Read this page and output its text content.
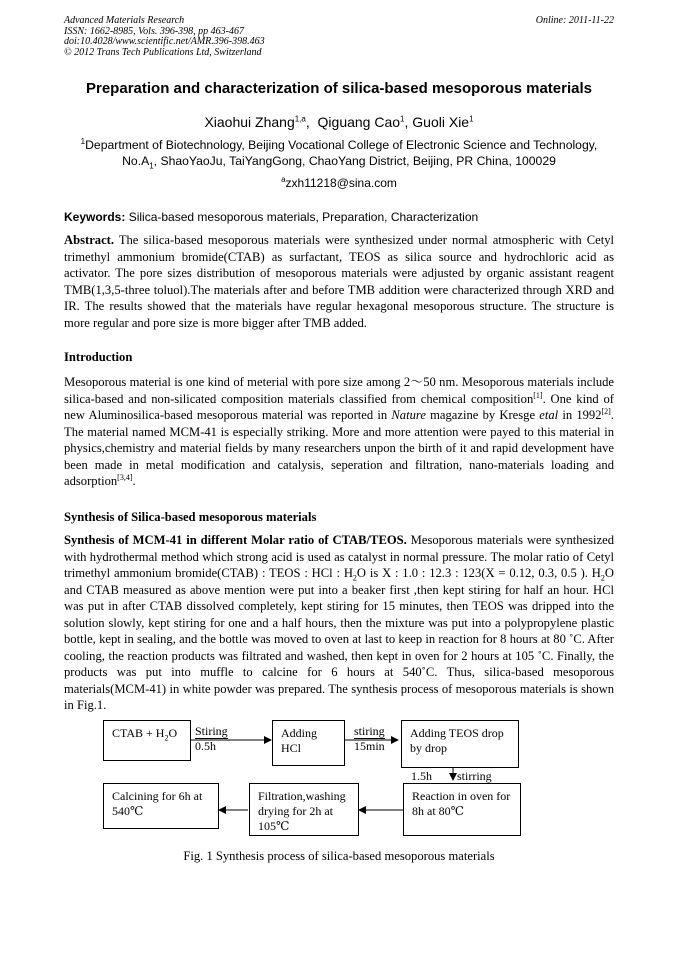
Advanced Materials Research
ISSN: 1662-8985, Vols. 396-398, pp 463-467
doi:10.4028/www.scientific.net/AMR.396-398.463
© 2012 Trans Tech Publications Ltd, Switzerland
Online: 2011-11-22
Preparation and characterization of silica-based mesoporous materials
Xiaohui Zhang$^{1,a}$,  Qiguang Cao$^1$, Guoli Xie$^1$
$^1$Department of Biotechnology, Beijing Vocational College of Electronic Science and Technology,
$No.A_1$, ShaoYaoJu, TaiYangGong, ChaoYang District, Beijing, PR China, 100029
$^a$zxh11218@sina.com
Keywords: Silica-based mesoporous materials, Preparation, Characterization
Abstract. The silica-based mesoporous materials were synthesized under normal atmospheric with Cetyl trimethyl ammonium bromide(CTAB) as surfactant, TEOS as silica source and hydrochloric acid as activator. The pore sizes distribution of mesoporous materials were adjusted by organic assistant reagent TMB(1,3,5-three toluol).The materials after and before TMB addition were characterized through XRD and IR. The results showed that the materials have regular hexagonal mesoporous structure. The structure is more regular and pore size is more bigger after TMB added.
Introduction
Mesoporous material is one kind of meterial with pore size among 2～50 nm. Mesoporous materials include silica-based and non-silicated composition materials classified from chemical composition[1]. One kind of new Aluminosilica-based mesoporous material was reported in Nature magazine by Kresge etal in 1992[2]. The material named MCM-41 is especially striking. More and more attention were payed to this material in physics,chemistry and material fields by many researchers unpon the birth of it and rapid development have been made in metal modification and catalysis, seperation and filtration, nano-materials loading and adsorption[3,4].
Synthesis of Silica-based mesoporous materials
Synthesis of MCM-41 in different Molar ratio of CTAB/TEOS. Mesoporous materials were synthesized with hydrothermal method which strong acid is used as catalyst in normal pressure. The molar ratio of Cetyl trimethyl ammonium bromide(CTAB) : TEOS : HCl : $H_2O$ is X : 1.0 : 12.3 : 123(X = 0.12, 0.3, 0.5 ). $H_2O$ and CTAB measured as above mention were put into a beaker first ,then kept stiring for half an hour. HCl was put in after CTAB dissolved completely, kept stiring for 15 minutes, then TEOS was dripped into the solution slowly, kept stiring for one and a half hours, then the mixture was put into a polypropylene plastic bottle, kept in sealing, and the bottle was moved to oven at last to keep in reaction for 8 hours at 80 ˚C. After cooling, the reaction products was filtrated and washed, then kept in oven for 2 hours at 105 ˚C. Finally, the products was put into muffle to calcine for 6 hours at 540˚C. Thus, silica-based mesoporous materials(MCM-41) in white powder was prepared. The synthesis process of mesoporous materials is shown in Fig.1.
CTAB + $H_2O$	Stiring
0.5h
Adding HCl
stiring
15min
Adding TEOS drop by drop
1.5h stirring
Reaction in oven for 8h at 80℃
Filtration,washing drying for 2h at 105℃
Calcining for 6h at 540℃
Fig. 1 Synthesis process of silica-based mesoporous materials
